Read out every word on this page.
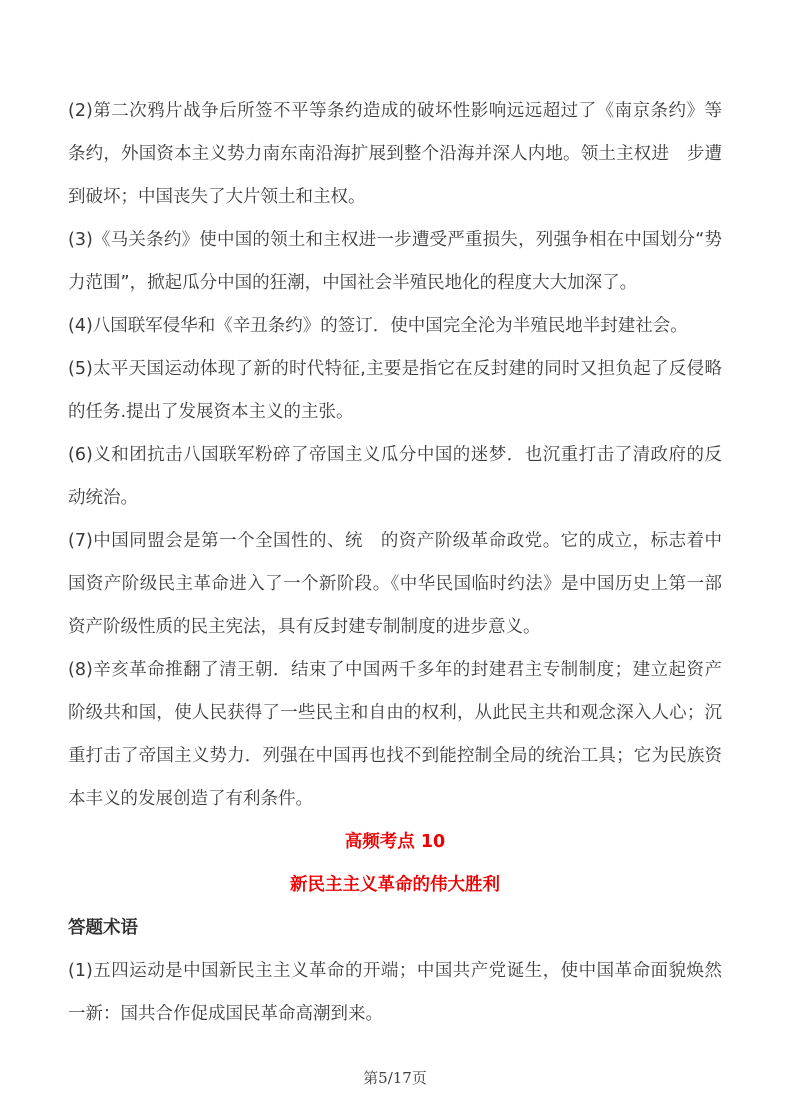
(2)第二次鸦片战争后所签不平等条约造成的破坏性影响远远超过了《南京条约》等条约，外国资本主义势力南东南沿海扩展到整个沿海并深人内地。领土主权进　步遭到破坏；中国丧失了大片领土和主权。

(3)《马关条约》使中国的领土和主权进一步遭受严重损失，列强争相在中国划分“势力范围”，掀起瓜分中国的狂潮，中国社会半殖民地化的程度大大加深了。

(4)八国联军侵华和《辛丑条约》的签订．使中国完全沦为半殖民地半封建社会。

(5)太平天国运动体现了新的时代特征,主要是指它在反封建的同时又担负起了反侵略的任务.提出了发展资本主义的主张。

(6)义和团抗击八国联军粉碎了帝国主义瓜分中国的迷梦．也沉重打击了清政府的反动统治。

(7)中国同盟会是第一个全国性的、统　的资产阶级革命政党。它的成立，标志着中国资产阶级民主革命进入了一个新阶段。《中华民国临时约法》是中国历史上第一部资产阶级性质的民主宪法，具有反封建专制制度的进步意义。

(8)辛亥革命推翻了清王朝．结束了中国两千多年的封建君主专制制度；建立起资产阶级共和国，使人民获得了一些民主和自由的权利，从此民主共和观念深入人心；沉重打击了帝国主义势力．列强在中国再也找不到能控制全局的统治工具；它为民族资本丰义的发展创造了有利条件。

高频考点 10

新民主主义革命的伟大胜利

答题术语

(1)五四运动是中国新民主主义革命的开端；中国共产党诞生，使中国革命面貌焕然一新：国共合作促成国民革命高潮到来。

第5/17页
